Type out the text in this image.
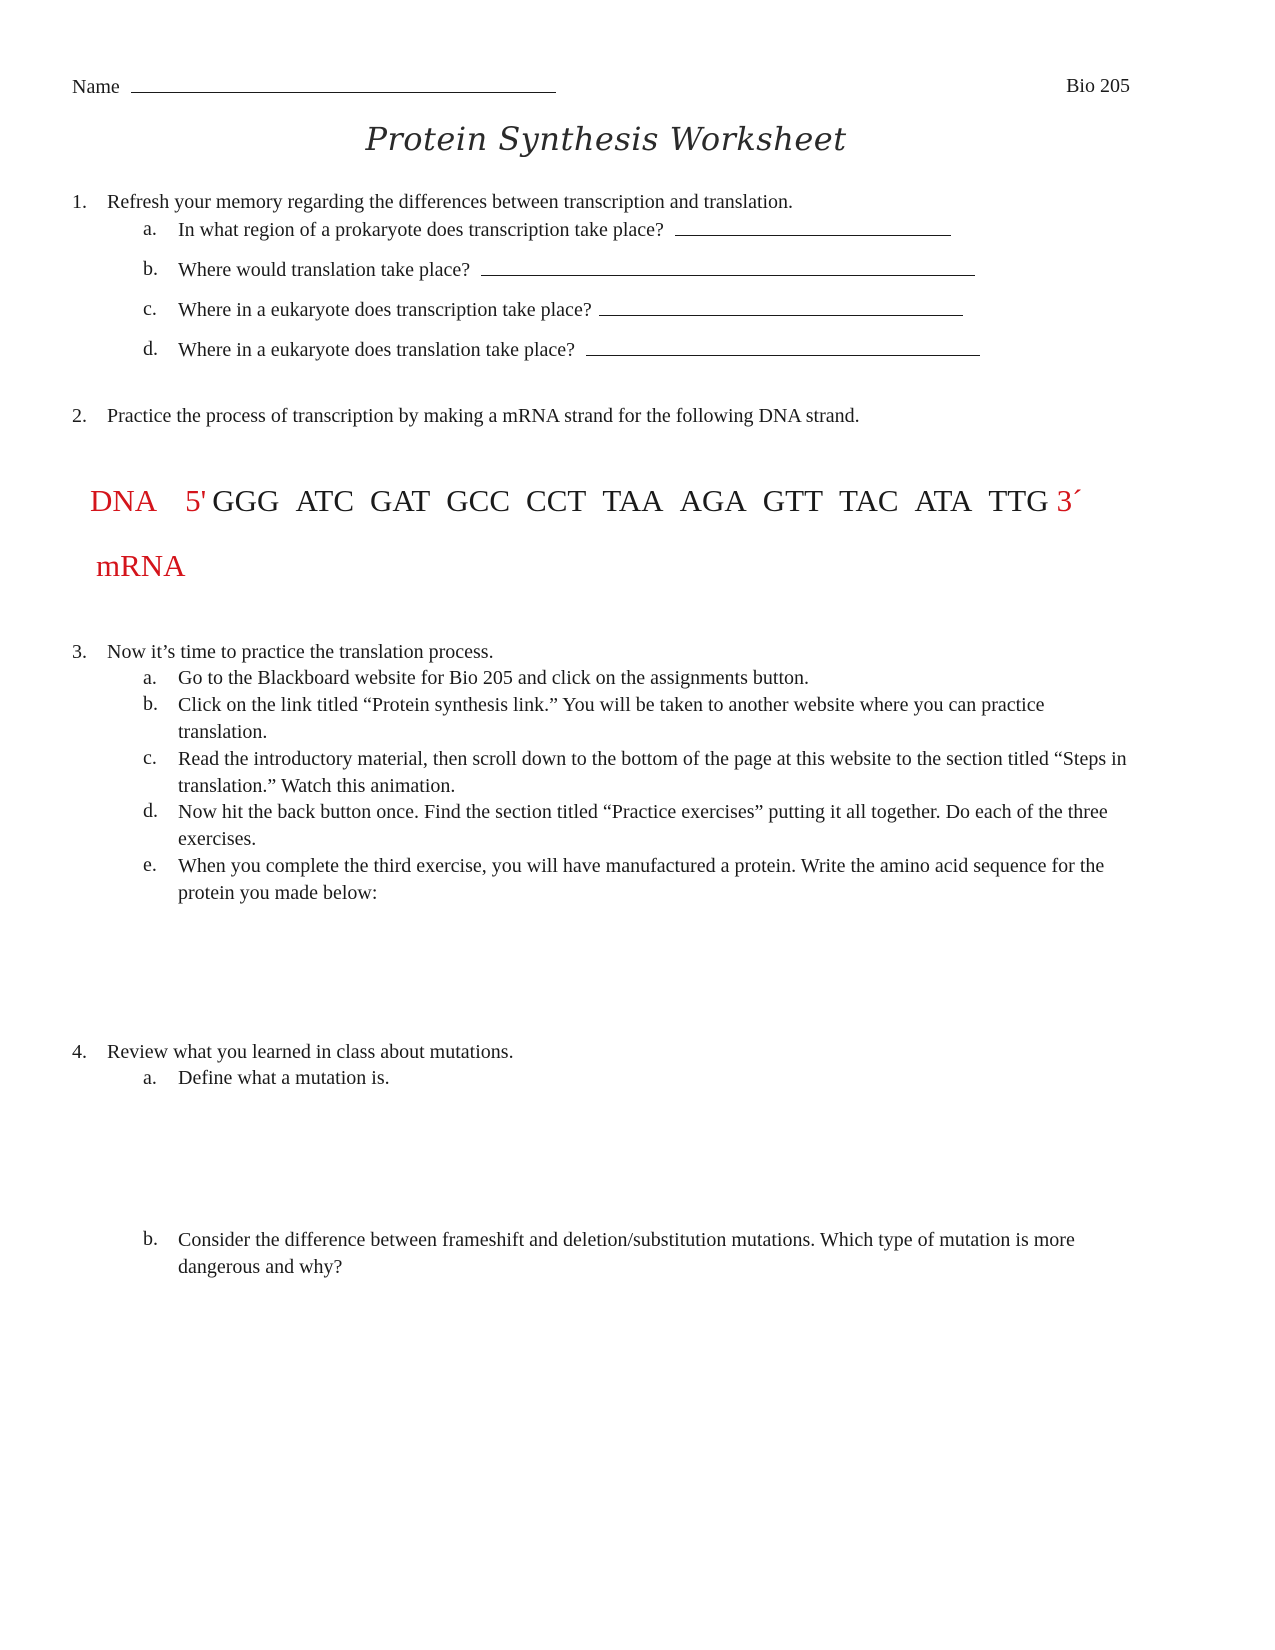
Name	Bio 205
Protein Synthesis Worksheet
1. Refresh your memory regarding the differences between transcription and translation.
a. In what region of a prokaryote does transcription take place?
b. Where would translation take place?
c. Where in a eukaryote does transcription take place?
d. Where in a eukaryote does translation take place?
2. Practice the process of transcription by making a mRNA strand for the following DNA strand.
DNA 5' GGG ATC GAT GCC CCT TAA AGA GTT TAC ATA TTG 3´
mRNA
3. Now it’s time to practice the translation process.
a. Go to the Blackboard website for Bio 205 and click on the assignments button.
b. Click on the link titled “Protein synthesis link.” You will be taken to another website where you can practice translation.
c. Read the introductory material, then scroll down to the bottom of the page at this website to the section titled “Steps in translation.” Watch this animation.
d. Now hit the back button once. Find the section titled “Practice exercises” putting it all together. Do each of the three exercises.
e. When you complete the third exercise, you will have manufactured a protein. Write the amino acid sequence for the protein you made below:
4. Review what you learned in class about mutations.
a. Define what a mutation is.
b. Consider the difference between frameshift and deletion/substitution mutations. Which type of mutation is more dangerous and why?
